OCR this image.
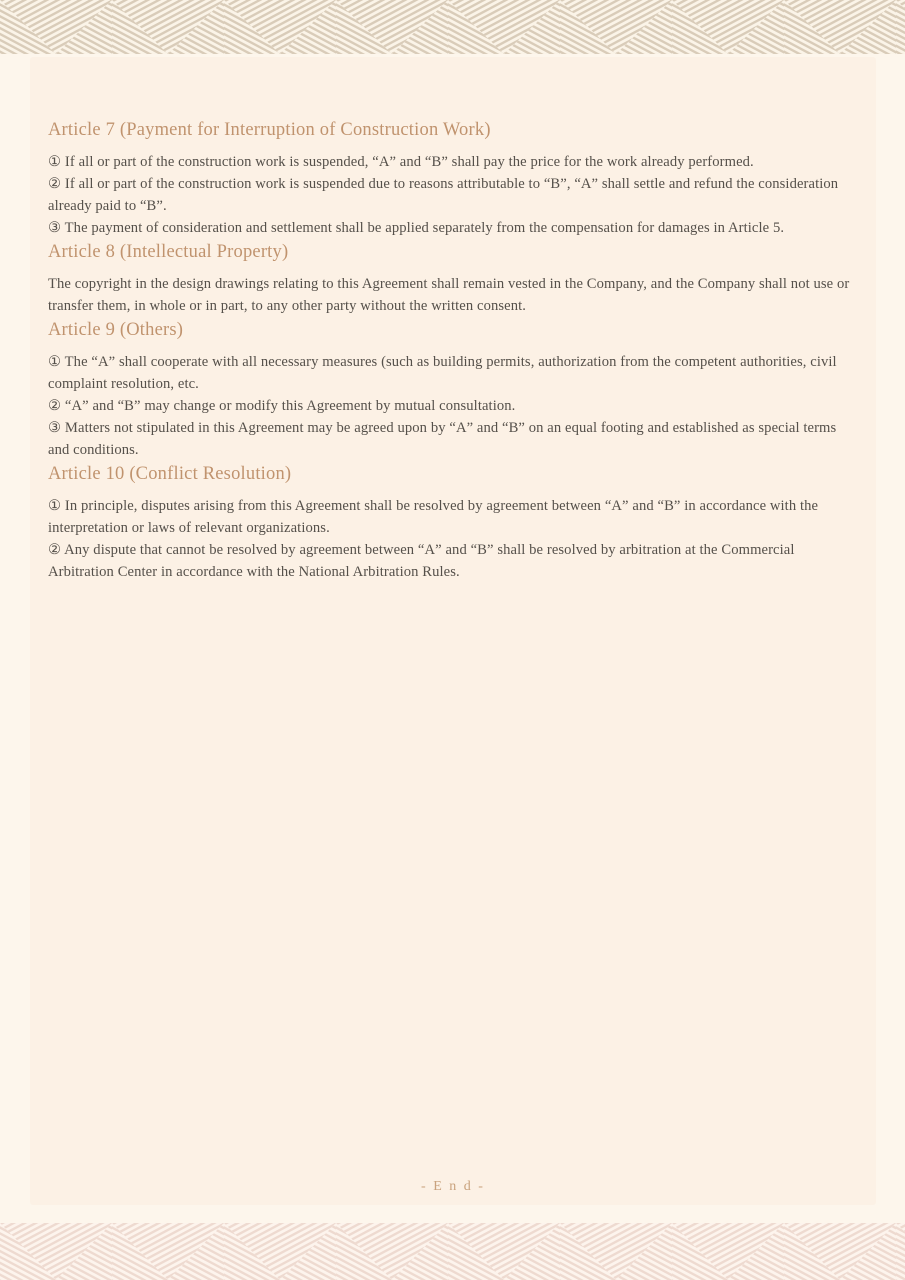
Article 7 (Payment for Interruption of Construction Work)

① If all or part of the construction work is suspended, “A” and “B” shall pay the price for the work already performed.

② If all or part of the construction work is suspended due to reasons attributable to “B”, “A” shall settle and refund the consideration already paid to “B”.

③ The payment of consideration and settlement shall be applied separately from the compensation for damages in Article 5.

Article 8 (Intellectual Property)

The copyright in the design drawings relating to this Agreement shall remain vested in the Company, and the Company shall not use or transfer them, in whole or in part, to any other party without the written consent.

Article 9 (Others)

① The “A” shall cooperate with all necessary measures (such as building permits, authorization from the competent authorities, civil complaint resolution, etc.

② “A” and “B” may change or modify this Agreement by mutual consultation.

③ Matters not stipulated in this Agreement may be agreed upon by “A” and “B” on an equal footing and established as special terms and conditions.

Article 10 (Conflict Resolution)

① In principle, disputes arising from this Agreement shall be resolved by agreement between “A” and “B” in accordance with the interpretation or laws of relevant organizations.

② Any dispute that cannot be resolved by agreement between “A” and “B” shall be resolved by arbitration at the Commercial Arbitration Center in accordance with the National Arbitration Rules.

- E n d -
